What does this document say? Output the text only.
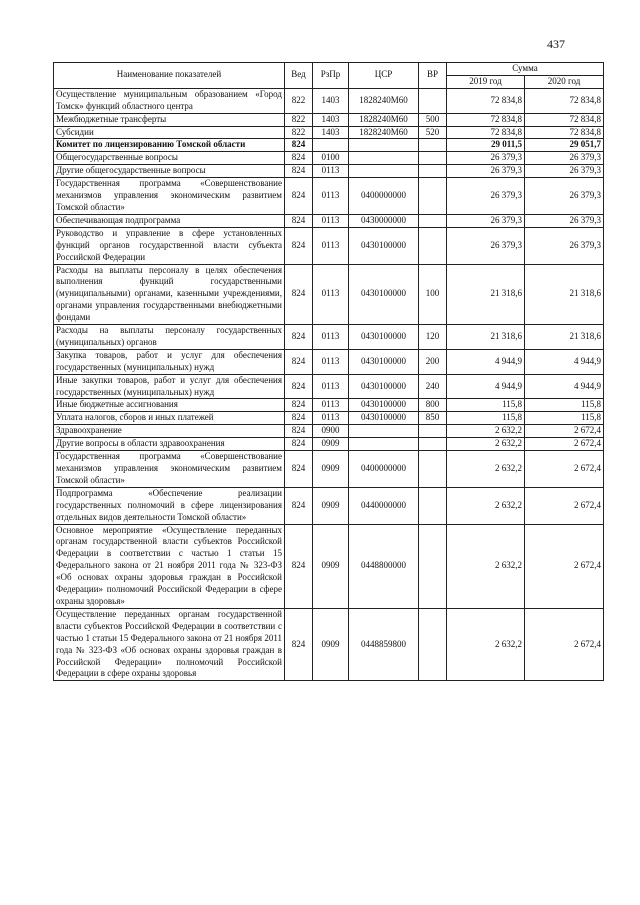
437
Наименование показателей	Вед	РзПр	ЦСР	ВР	Сумма	
					2019 год	2020 год
Осуществление муниципальным образованием «Город Томск» функций областного центра	822	1403	1828240M60		72 834,8	72 834,8
Межбюджетные трансферты	822	1403	1828240M60	500	72 834,8	72 834,8
Субсидии	822	1403	1828240M60	520	72 834,8	72 834,8
Комитет по лицензированию Томской области	824				29 011,5	29 051,7
Общегосударственные вопросы	824	0100			26 379,3	26 379,3
Другие общегосударственные вопросы	824	0113			26 379,3	26 379,3
Государственная программа «Совершенствование механизмов управления экономическим развитием Томской области»	824	0113	0400000000		26 379,3	26 379,3
Обеспечивающая подпрограмма	824	0113	0430000000		26 379,3	26 379,3
Руководство и управление в сфере установленных функций органов государственной власти субъекта Российской Федерации	824	0113	0430100000		26 379,3	26 379,3
Расходы на выплаты персоналу в целях обеспечения выполнения функций государственными (муниципальными) органами, казенными учреждениями, органами управления государственными внебюджетными фондами	824	0113	0430100000	100	21 318,6	21 318,6
Расходы на выплаты персоналу государственных (муниципальных) органов	824	0113	0430100000	120	21 318,6	21 318,6
Закупка товаров, работ и услуг для обеспечения государственных (муниципальных) нужд	824	0113	0430100000	200	4 944,9	4 944,9
Иные закупки товаров, работ и услуг для обеспечения государственных (муниципальных) нужд	824	0113	0430100000	240	4 944,9	4 944,9
Иные бюджетные ассигнования	824	0113	0430100000	800	115,8	115,8
Уплата налогов, сборов и иных платежей	824	0113	0430100000	850	115,8	115,8
Здравоохранение	824	0900			2 632,2	2 672,4
Другие вопросы в области здравоохранения	824	0909			2 632,2	2 672,4
Государственная программа «Совершенствование механизмов управления экономическим развитием Томской области»	824	0909	0400000000		2 632,2	2 672,4
Подпрограмма «Обеспечение реализации государственных полномочий в сфере лицензирования отдельных видов деятельности Томской области»	824	0909	0440000000		2 632,2	2 672,4
Основное мероприятие «Осуществление переданных органам государственной власти субъектов Российской Федерации в соответствии с частью 1 статьи 15 Федерального закона от 21 ноября 2011 года № 323-ФЗ «Об основах охраны здоровья граждан в Российской Федерации» полномочий Российской Федерации в сфере охраны здоровья»	824	0909	0448800000		2 632,2	2 672,4
Осуществление переданных органам государственной власти субъектов Российской Федерации в соответствии с частью 1 статьи 15 Федерального закона от 21 ноября 2011 года № 323-ФЗ «Об основах охраны здоровья граждан в Российской Федерации» полномочий Российской Федерации в сфере охраны здоровья	824	0909	0448859800		2 632,2	2 672,4
